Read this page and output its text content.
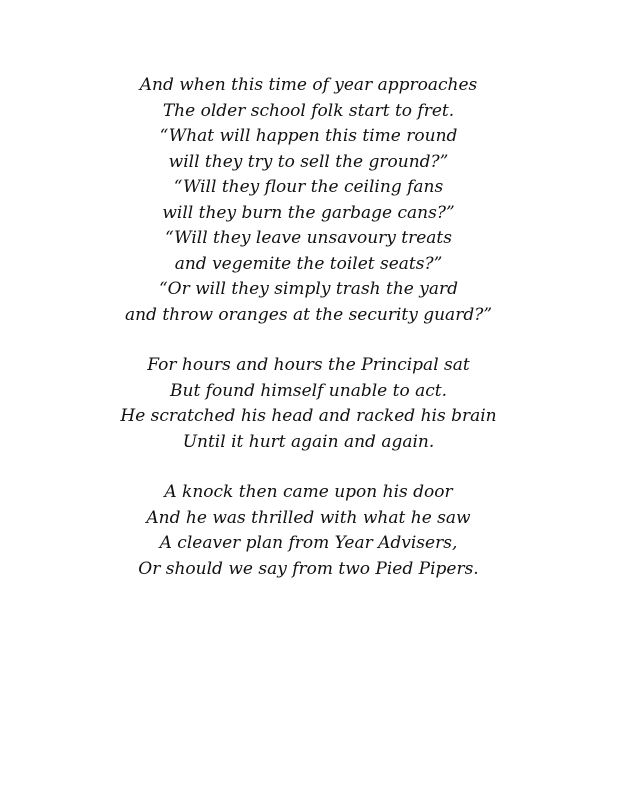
And when this time of year approaches
The older school folk start to fret.
“What will happen this time round
will they try to sell the ground?”
“Will they flour the ceiling fans
will they burn the garbage cans?”
“Will they leave unsavoury treats
and vegemite the toilet seats?”
“Or will they simply trash the yard
and throw oranges at the security guard?”
For hours and hours the Principal sat
But found himself unable to act.
He scratched his head and racked his brain
Until it hurt again and again.
A knock then came upon his door
And he was thrilled with what he saw
A cleaver plan from Year Advisers,
Or should we say from two Pied Pipers.
